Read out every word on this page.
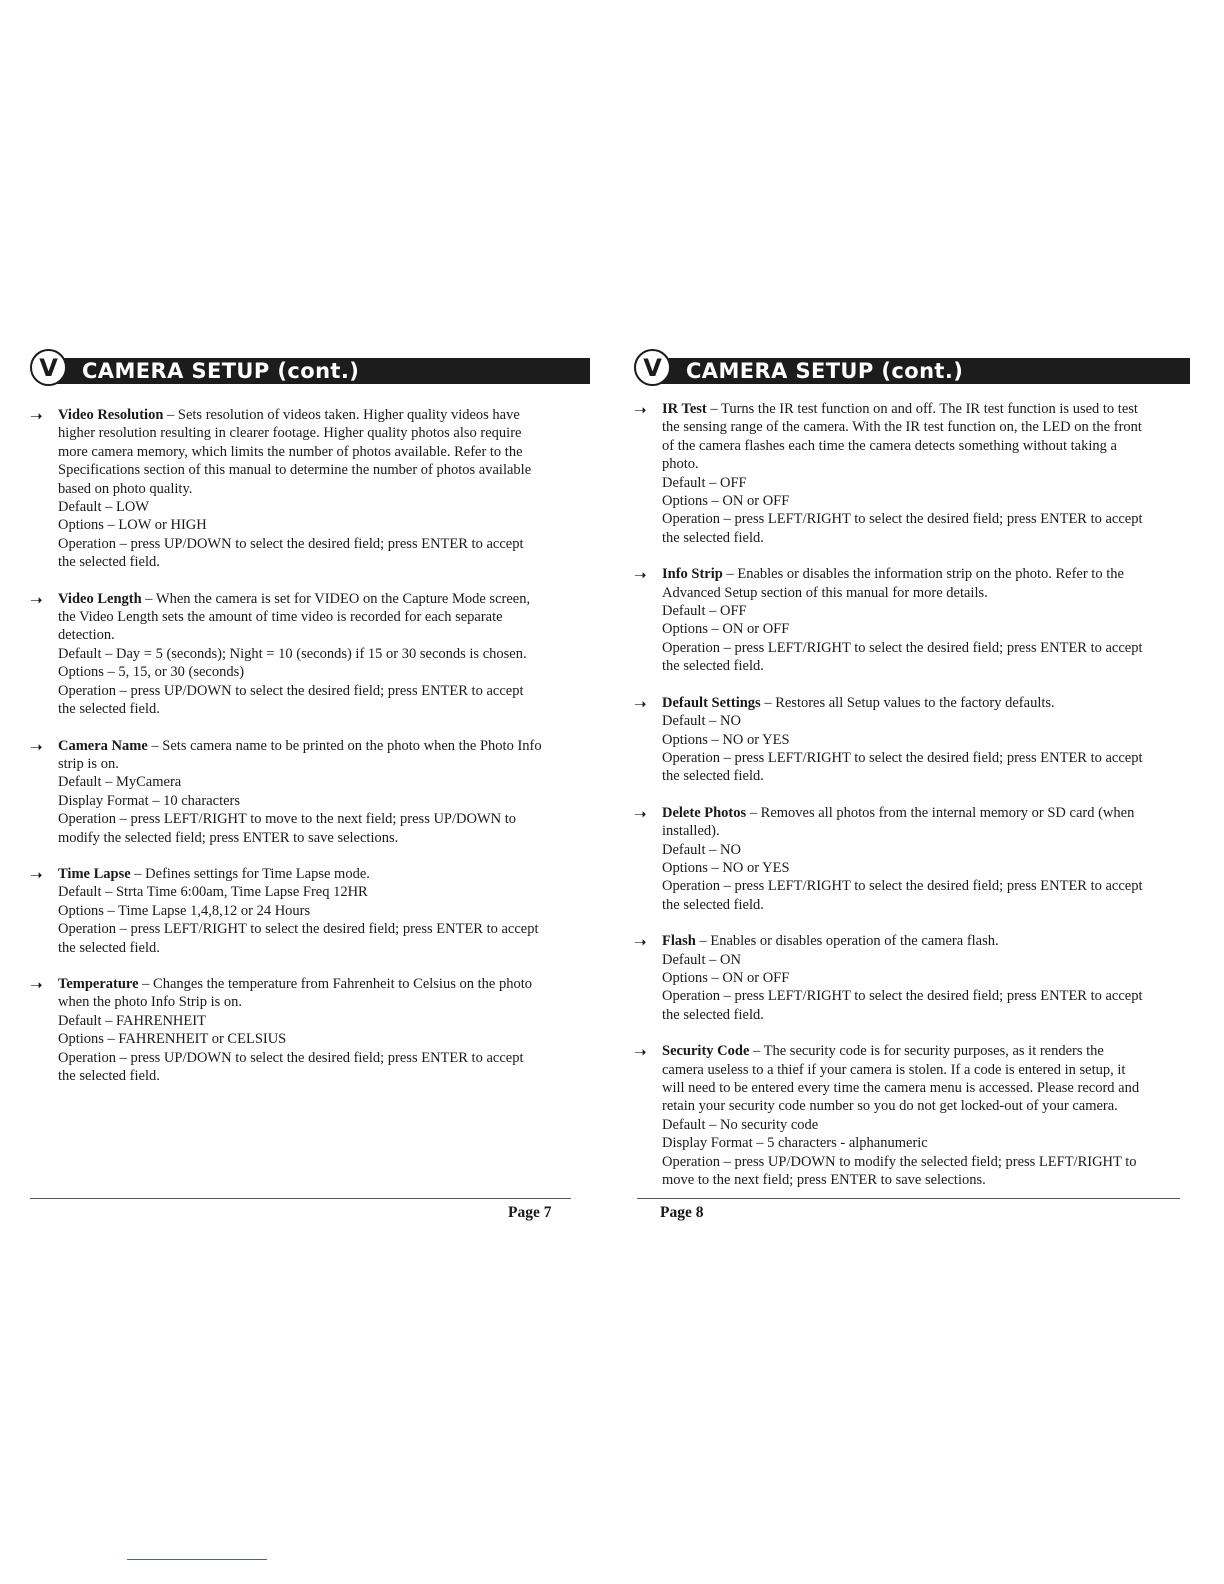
V	CAMERA SETUP (cont.)
➝ Video Resolution – Sets resolution of videos taken. Higher quality videos have
higher resolution resulting in clearer footage. Higher quality photos also require
more camera memory, which limits the number of photos available. Refer to the
Specifications section of this manual to determine the number of photos available
based on photo quality.
Default – LOW
Options – LOW or HIGH
Operation – press UP/DOWN to select the desired field; press ENTER to accept
the selected field.
➝ Video Length – When the camera is set for VIDEO on the Capture Mode screen,
the Video Length sets the amount of time video is recorded for each separate
detection.
Default – Day = 5 (seconds); Night = 10 (seconds) if 15 or 30 seconds is chosen.
Options – 5, 15, or 30 (seconds)
Operation – press UP/DOWN to select the desired field; press ENTER to accept
the selected field.
➝ Camera Name – Sets camera name to be printed on the photo when the Photo Info
strip is on.
Default – MyCamera
Display Format – 10 characters
Operation – press LEFT/RIGHT to move to the next field; press UP/DOWN to
modify the selected field; press ENTER to save selections.
➝ Time Lapse – Defines settings for Time Lapse mode.
Default – Strta Time 6:00am, Time Lapse Freq 12HR
Options – Time Lapse 1,4,8,12 or 24 Hours
Operation – press LEFT/RIGHT to select the desired field; press ENTER to accept
the selected field.
➝ Temperature – Changes the temperature from Fahrenheit to Celsius on the photo
when the photo Info Strip is on.
Default – FAHRENHEIT
Options – FAHRENHEIT or CELSIUS
Operation – press UP/DOWN to select the desired field; press ENTER to accept
the selected field.
Page 7
V	CAMERA SETUP (cont.)
➝ IR Test – Turns the IR test function on and off. The IR test function is used to test
the sensing range of the camera. With the IR test function on, the LED on the front
of the camera flashes each time the camera detects something without taking a
photo.
Default – OFF
Options – ON or OFF
Operation – press LEFT/RIGHT to select the desired field; press ENTER to accept
the selected field.
➝ Info Strip – Enables or disables the information strip on the photo. Refer to the
Advanced Setup section of this manual for more details.
Default – OFF
Options – ON or OFF
Operation – press LEFT/RIGHT to select the desired field; press ENTER to accept
the selected field.
➝ Default Settings – Restores all Setup values to the factory defaults.
Default – NO
Options – NO or YES
Operation – press LEFT/RIGHT to select the desired field; press ENTER to accept
the selected field.
➝ Delete Photos – Removes all photos from the internal memory or SD card (when
installed).
Default – NO
Options – NO or YES
Operation – press LEFT/RIGHT to select the desired field; press ENTER to accept
the selected field.
➝ Flash – Enables or disables operation of the camera flash.
Default – ON
Options – ON or OFF
Operation – press LEFT/RIGHT to select the desired field; press ENTER to accept
the selected field.
➝ Security Code – The security code is for security purposes, as it renders the
camera useless to a thief if your camera is stolen. If a code is entered in setup, it
will need to be entered every time the camera menu is accessed. Please record and
retain your security code number so you do not get locked-out of your camera.
Default – No security code
Display Format – 5 characters - alphanumeric
Operation – press UP/DOWN to modify the selected field; press LEFT/RIGHT to
move to the next field; press ENTER to save selections.
Page 8
